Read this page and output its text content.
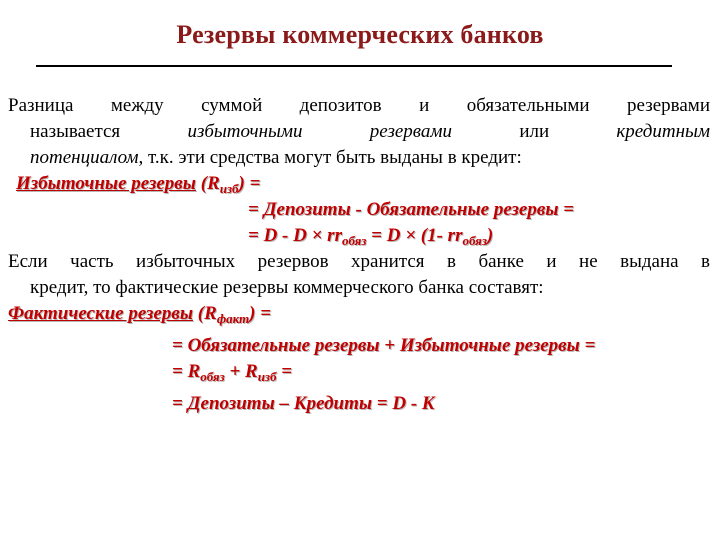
Резервы коммерческих банков
Разница между суммой депозитов и обязательными резервами
называется	избыточными	резервами	или	кредитным
потенциалом, т.к. эти средства могут быть выданы в кредит:
Избыточные резервы $(R_{изб})$ =
= Депозиты - Обязательные резервы =
= $D - D \times rr_{обяз} = D \times (1-$ $rr_{обяз}$)
Если часть избыточных резервов хранится в банке и не выдана в
кредит, то фактические резервы коммерческого банка составят:
Фактические резервы $(R_{факт})$ =
= Обязательные резервы + Избыточные резервы =
= $R_{обяз} + R_{изб}$ =
= Депозиты – Кредиты = D - K
